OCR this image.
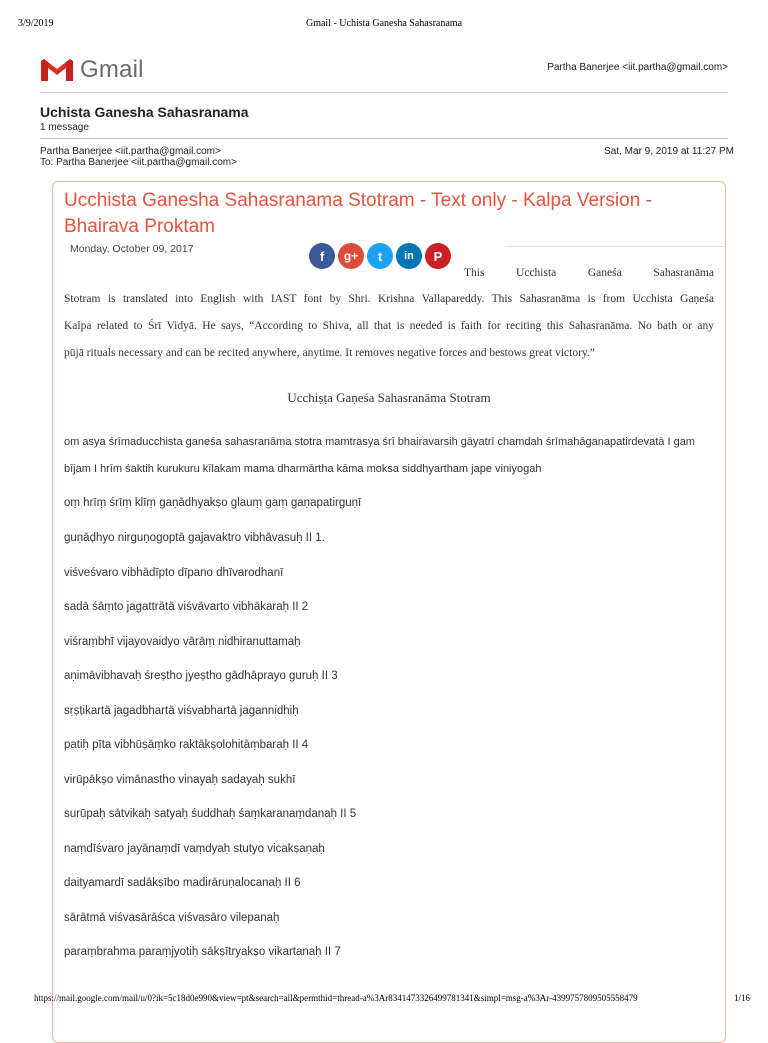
3/9/2019	Gmail - Uchista Ganesha Sahasranama
Gmail	Partha Banerjee <iit.partha@gmail.com>
Uchista Ganesha Sahasranama
1 message
Partha Banerjee <iit.partha@gmail.com>
To: Partha Banerjee <iit.partha@gmail.com>
Sat, Mar 9, 2019 at 11:27 PM
Ucchista Ganesha Sahasranama Stotram - Text only - Kalpa Version - Bhairava Proktam
Monday, October 09, 2017	f	g+	t	in	P
This Ucchista Ganeśa Sahasranāma
Stotram is translated into English with IAST font by Shri. Krishna Vallapareddy. This Sahasranāma is from Ucchista Gaṇeśa
Kalpa related to Śrī Vidyā. He says, “According to Shiva, all that is needed is faith for reciting this Sahasranāma. No bath or any
pūjā rituals necessary and can be recited anywhere, anytime. It removes negative forces and bestows great victory.”
Ucchiṣṭa Gaṇeśa Sahasranāma Stotram
om asya śrīmaducchista ganeśa sahasranāma stotra mamtrasya śrī bhairavarsih gāyatrī chamdah śrīmahāganapatirdevatā I gam
bījam I hrīm śaktih kurukuru kīlakam mama dharmārtha kāma moksa siddhyartham jape viniyogah
oṃ hrīṃ śrīṃ klīṃ gaṇādhyakṣo glauṃ gaṃ gaṇapatirguṇī
guṇāḍhyo nirguṇogoptā gajavaktro vibhāvasuḥ II 1.
viśveśvaro vibhādīpto dīpano dhīvarodhanī
sadā śāṃto jagattrātā viśvāvarto vibhākaraḥ II 2
viśraṃbhī vijayovaidyo vārāṃ nidhiranuttamaḥ
aṇimāvibhavaḥ śreṣtho jyeṣtho gādhāprayo guruḥ II 3
sṛṣṭikartā jagadbhartā viśvabhartā jagannidhiḥ
patiḥ pīta vibhūṣāṃko raktākṣolohitāṃbaraḥ II 4
virūpākṣo vimānastho vinayaḥ sadayaḥ sukhī
surūpaḥ sātvikaḥ satyaḥ śuddhaḥ śaṃkaranaṃdanaḥ II 5
naṃdīśvaro jayānaṃdī vaṃdyaḥ stutyo vicakṣaṇaḥ
daityamardī sadākṣībo madirāruṇalocanaḥ II 6
sārātmā viśvasārāśca viśvasāro vilepanaḥ
paraṃbrahma paraṃjyotiḥ sākṣītryakṣo vikartanaḥ II 7
https://mail.google.com/mail/u/0?ik=5c18d0e990&view=pt&search=all&permthid=thread-a%3Ar8341473326499781341&simpl=msg-a%3Ar-4399757809505558479	1/16
